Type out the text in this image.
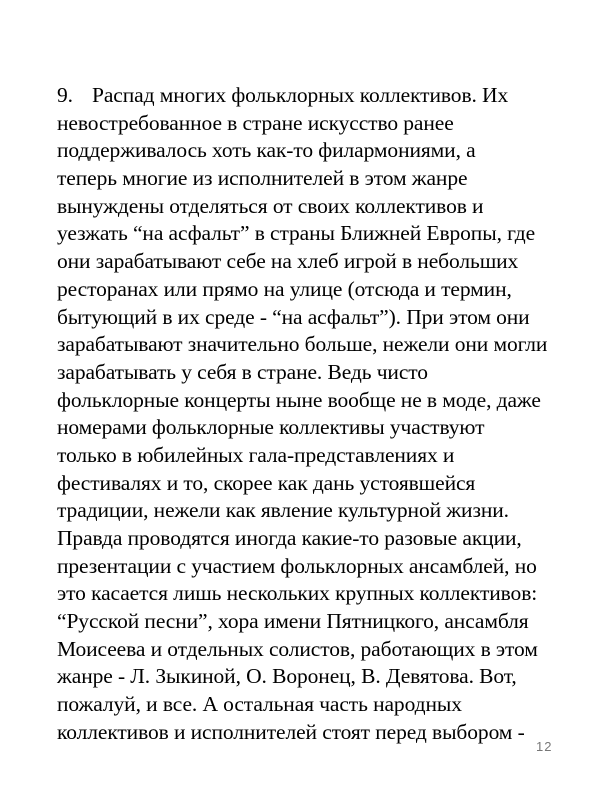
9. Распад многих фольклорных коллективов. Их
невостребованное в стране искусство ранее
поддерживалось хоть как-то филармониями, а
теперь многие из исполнителей в этом жанре
вынуждены отделяться от своих коллективов и
уезжать “на асфальт” в страны Ближней Европы, где
они зарабатывают себе на хлеб игрой в небольших
ресторанах или прямо на улице (отсюда и термин,
бытующий в их среде - “на асфальт”). При этом они
зарабатывают значительно больше, нежели они могли
зарабатывать у себя в стране. Ведь чисто
фольклорные концерты ныне вообще не в моде, даже
номерами фольклорные коллективы участвуют
только в юбилейных гала-представлениях и
фестивалях и то, скорее как дань устоявшейся
традиции, нежели как явление культурной жизни.
Правда проводятся иногда какие-то разовые акции,
презентации с участием фольклорных ансамблей, но
это касается лишь нескольких крупных коллективов:
“Русской песни”, хора имени Пятницкого, ансамбля
Моисеева и отдельных солистов, работающих в этом
жанре - Л. Зыкиной, О. Воронец, В. Девятова. Вот,
пожалуй, и все. А остальная часть народных
коллективов и исполнителей стоят перед выбором -
12
